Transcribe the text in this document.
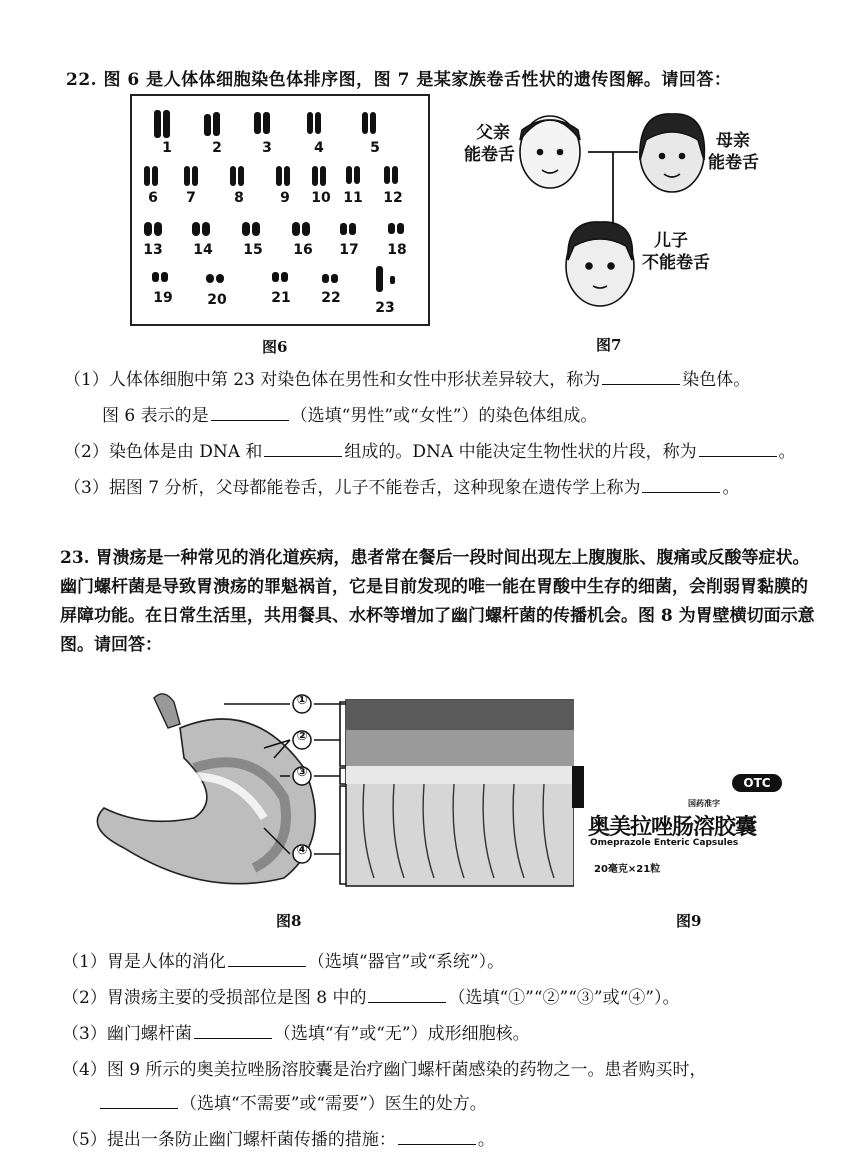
22. 图 6 是人体体细胞染色体排序图，图 7 是某家族卷舌性状的遗传图解。请回答：
1	2	3	4	5
6	7	8	9	10 11	12
13	14	15	16	17	18
19	20	21	22
23
图6
父亲
能卷舌
母亲
能卷舌
儿子
不能卷舌
图7
（1）人体体细胞中第 23 对染色体在男性和女性中形状差异较大，称为	染色体。
图 6 表示的是	（选填“男性”或“女性”）的染色体组成。
（2）染色体是由 DNA 和	组成的。DNA 中能决定生物性状的片段，称为	。
（3）据图 7 分析，父母都能卷舌，儿子不能卷舌，这种现象在遗传学上称为	。
23. 胃溃疡是一种常见的消化道疾病，患者常在餐后一段时间出现左上腹腹胀、腹痛或反酸等症状。幽门螺杆菌是导致胃溃疡的罪魁祸首，它是目前发现的唯一能在胃酸中生存的细菌，会削弱胃黏膜的屏障功能。在日常生活里，共用餐具、水杯等增加了幽门螺杆菌的传播机会。图 8 为胃壁横切面示意图。请回答：
①
②
③
④
图8
OTC
国药准字
奥美拉唑肠溶胶囊
Omeprazole Enteric Capsules
20毫克×21粒
图9
（1）胃是人体的消化	（选填“器官”或“系统”）。
（2）胃溃疡主要的受损部位是图 8 中的	（选填“①”“②”“③”或“④”）。
（3）幽门螺杆菌	（选填“有”或“无”）成形细胞核。
（4）图 9 所示的奥美拉唑肠溶胶囊是治疗幽门螺杆菌感染的药物之一。患者购买时，
（选填“不需要”或“需要”）医生的处方。
（5）提出一条防止幽门螺杆菌传播的措施：	。
